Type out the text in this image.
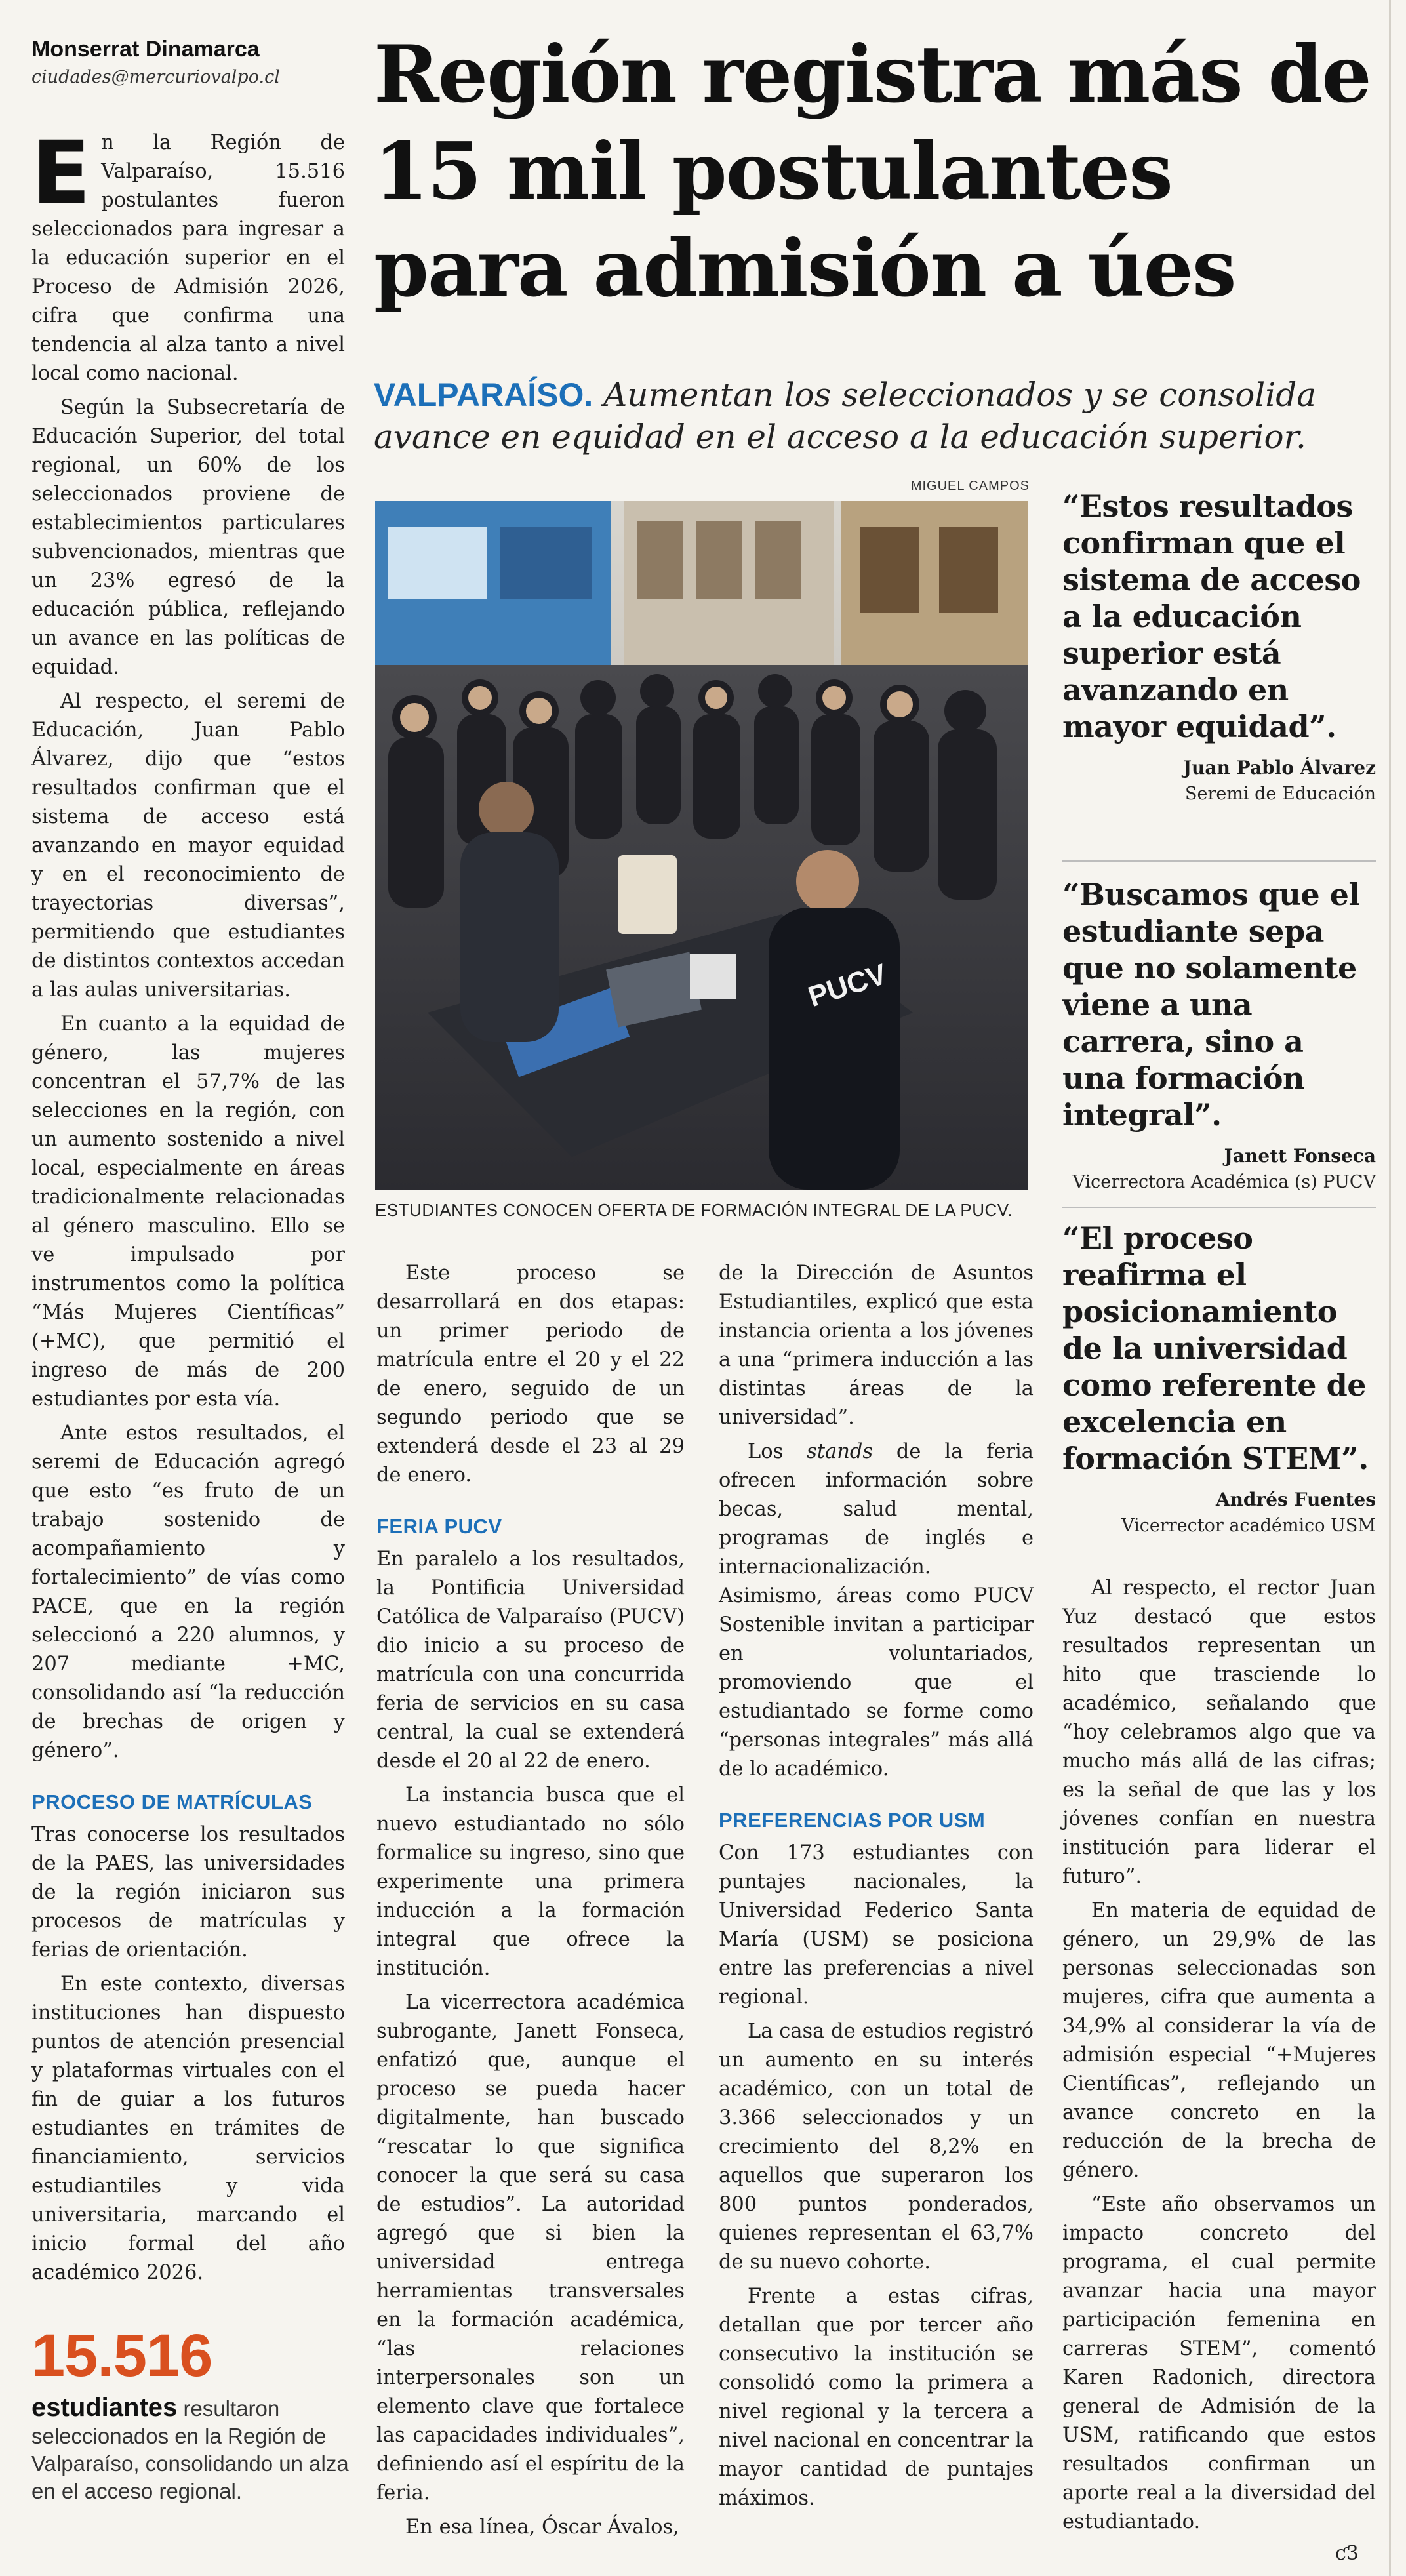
Monserrat Dinamarca
ciudades@mercuriovalpo.cl	Región registra más de 15 mil postulantes para admisión a úes
VALPARAÍSO. Aumentan los seleccionados y se consolida avance en equidad en el acceso a la educación superior.

En la Región de Valparaíso, 15.516 postulantes fueron seleccionados para ingresar a la educación superior en el Proceso de Admisión 2026, cifra que confirma una tendencia al alza tanto a nivel local como nacional.

Según la Subsecretaría de Educación Superior, del total regional, un 60% de los seleccionados proviene de establecimientos particulares subvencionados, mientras que un 23% egresó de la educación pública, reflejando un avance en las políticas de equidad.

Al respecto, el seremi de Educación, Juan Pablo Álvarez, dijo que “estos resultados confirman que el sistema de acceso está avanzando en mayor equidad y en el reconocimiento de trayectorias diversas”, permitiendo que estudiantes de distintos contextos accedan a las aulas universitarias.

En cuanto a la equidad de género, las mujeres concentran el 57,7% de las selecciones en la región, con un aumento sostenido a nivel local, especialmente en áreas tradicionalmente relacionadas al género masculino. Ello se ve impulsado por instrumentos como la política “Más Mujeres Científicas” (+MC), que permitió el ingreso de más de 200 estudiantes por esta vía.

Ante estos resultados, el seremi de Educación agregó que esto “es fruto de un trabajo sostenido de acompañamiento y fortalecimiento” de vías como PACE, que en la región seleccionó a 220 alumnos, y 207 mediante +MC, consolidando así “la reducción de brechas de origen y género”.

PROCESO DE MATRÍCULAS

Tras conocerse los resultados de la PAES, las universidades de la región iniciaron sus procesos de matrículas y ferias de orientación.

En este contexto, diversas instituciones han dispuesto puntos de atención presencial y plataformas virtuales con el fin de guiar a los futuros estudiantes en trámites de financiamiento, servicios estudiantiles y vida universitaria, marcando el inicio formal del año académico 2026.

15.516
estudiantes resultaron seleccionados en la Región de Valparaíso, consolidando un alza en el acceso regional.
MIGUEL CAMPOS
PUCV
ESTUDIANTES CONOCEN OFERTA DE FORMACIÓN INTEGRAL DE LA PUCV.
“Estos resultados confirman que el sistema de acceso a la educación superior está avanzando en mayor equidad”.
Juan Pablo Álvarez
Seremi de Educación
“Buscamos que el estudiante sepa que no solamente viene a una carrera, sino a una formación integral”.
Janett Fonseca
Vicerrectora Académica (s) PUCV
“El proceso reafirma el posicionamiento de la universidad como referente de excelencia en formación STEM”.
Andrés Fuentes
Vicerrector académico USM

Este proceso se desarrollará en dos etapas: un primer periodo de matrícula entre el 20 y el 22 de enero, seguido de un segundo periodo que se extenderá desde el 23 al 29 de enero.

FERIA PUCV

En paralelo a los resultados, la Pontificia Universidad Católica de Valparaíso (PUCV) dio inicio a su proceso de matrícula con una concurrida feria de servicios en su casa central, la cual se extenderá desde el 20 al 22 de enero.

La instancia busca que el nuevo estudiantado no sólo formalice su ingreso, sino que experimente una primera inducción a la formación integral que ofrece la institución.

La vicerrectora académica subrogante, Janett Fonseca, enfatizó que, aunque el proceso se pueda hacer digitalmente, han buscado “rescatar lo que significa conocer la que será su casa de estudios”. La autoridad agregó que si bien la universidad entrega herramientas transversales en la formación académica, “las relaciones interpersonales son un elemento clave que fortalece las capacidades individuales”, definiendo así el espíritu de la feria.

En esa línea, Óscar Ávalos,

de la Dirección de Asuntos Estudiantiles, explicó que esta instancia orienta a los jóvenes a una “primera inducción a las distintas áreas de la universidad”.

Los stands de la feria ofrecen información sobre becas, salud mental, programas de inglés e internacionalización. Asimismo, áreas como PUCV Sostenible invitan a participar en voluntariados, promoviendo que el estudiantado se forme como “personas integrales” más allá de lo académico.

PREFERENCIAS POR USM

Con 173 estudiantes con puntajes nacionales, la Universidad Federico Santa María (USM) se posiciona entre las preferencias a nivel regional.

La casa de estudios registró un aumento en su interés académico, con un total de 3.366 seleccionados y un crecimiento del 8,2% en aquellos que superaron los 800 puntos ponderados, quienes representan el 63,7% de su nuevo cohorte.

Frente a estas cifras, detallan que por tercer año consecutivo la institución se consolidó como la primera a nivel regional y la tercera a nivel nacional en concentrar la mayor cantidad de puntajes máximos.

Al respecto, el rector Juan Yuz destacó que estos resultados representan un hito que trasciende lo académico, señalando que “hoy celebramos algo que va mucho más allá de las cifras; es la señal de que las y los jóvenes confían en nuestra institución para liderar el futuro”.

En materia de equidad de género, un 29,9% de las personas seleccionadas son mujeres, cifra que aumenta a 34,9% al considerar la vía de admisión especial “+Mujeres Científicas”, reflejando un avance concreto en la reducción de la brecha de género.

“Este año observamos un impacto concreto del programa, el cual permite avanzar hacia una mayor participación femenina en carreras STEM”, comentó Karen Radonich, directora general de Admisión de la USM, ratificando que estos resultados confirman un aporte real a la diversidad del estudiantado.

ƈ3
